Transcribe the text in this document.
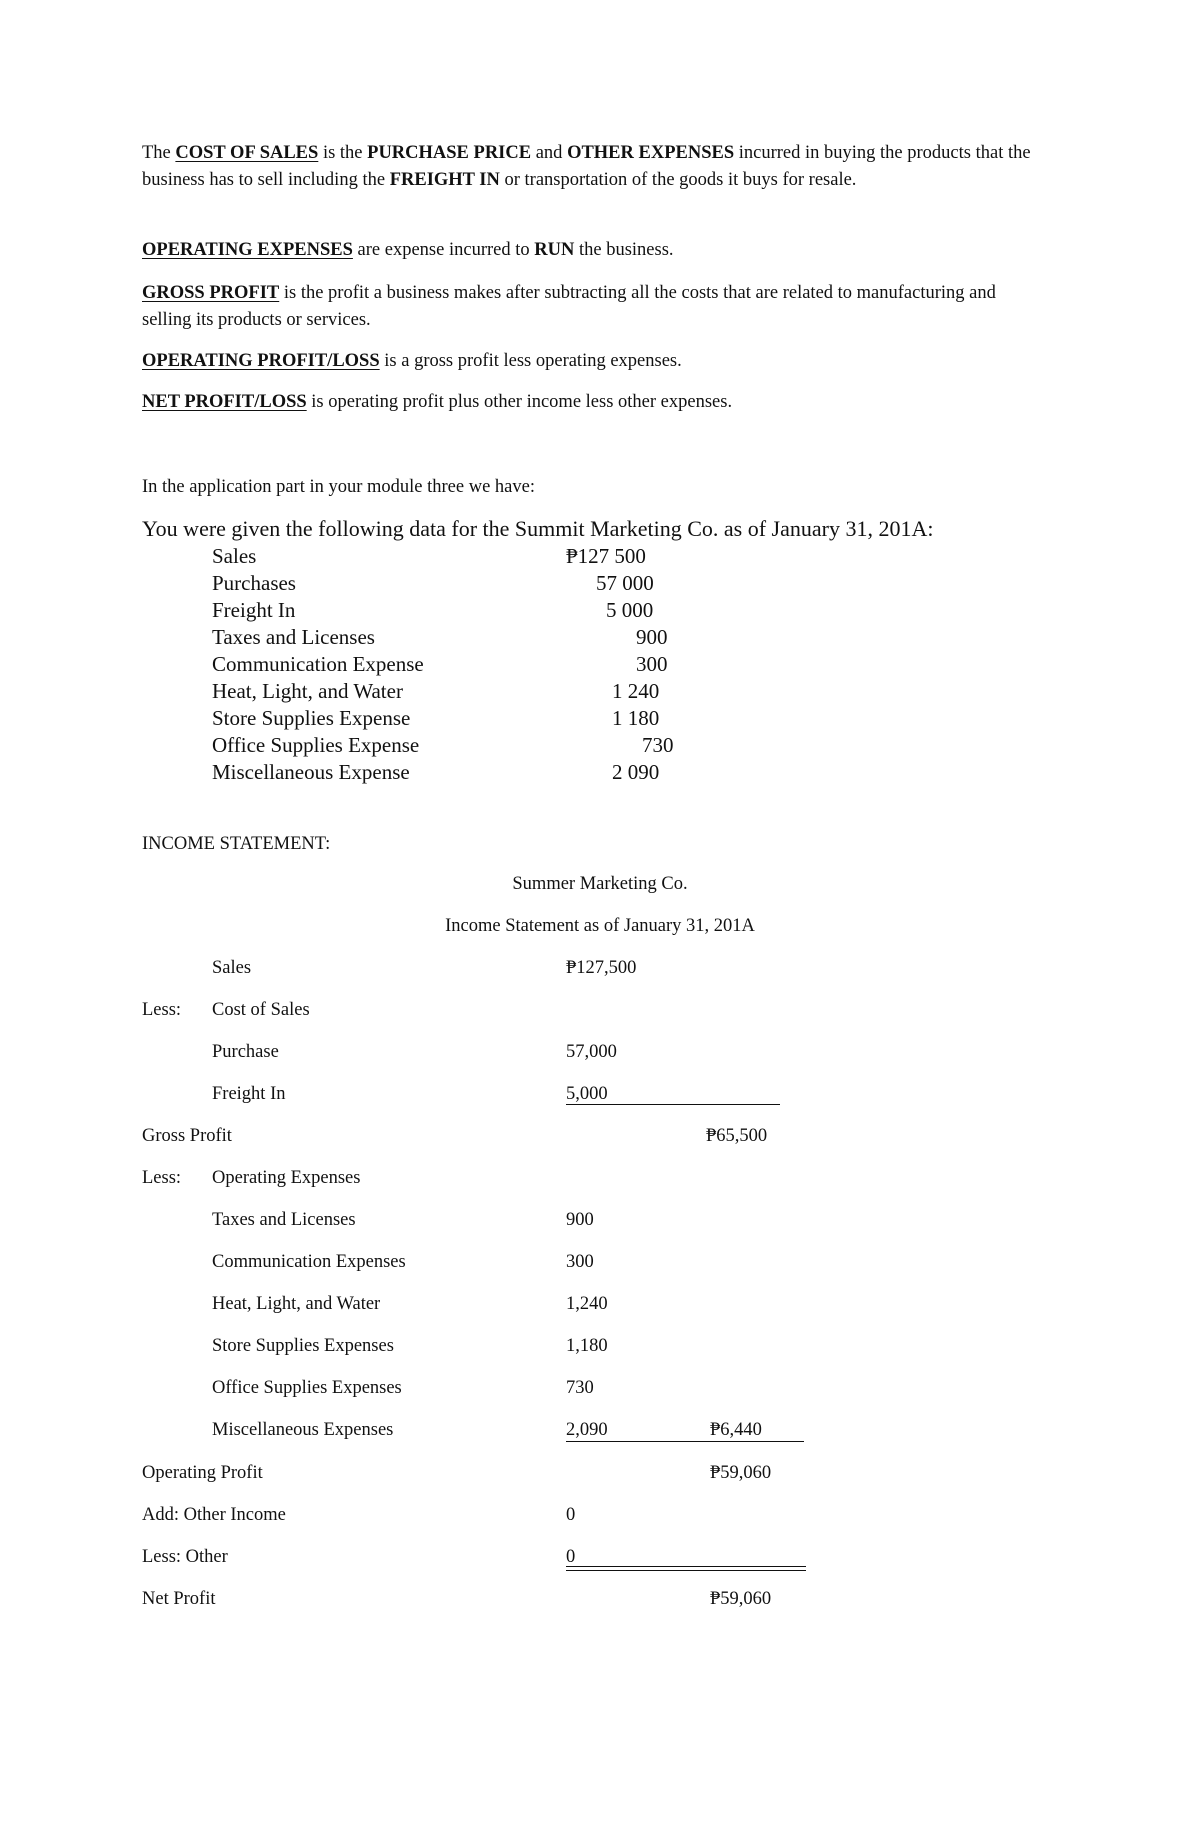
The COST OF SALES is the PURCHASE PRICE and OTHER EXPENSES incurred in buying the products that the business has to sell including the FREIGHT IN or transportation of the goods it buys for resale.

OPERATING EXPENSES are expense incurred to RUN the business.

GROSS PROFIT is the profit a business makes after subtracting all the costs that are related to manufacturing and selling its products or services.

OPERATING PROFIT/LOSS is a gross profit less operating expenses.

NET PROFIT/LOSS is operating profit plus other income less other expenses.

In the application part in your module three we have:

You were given the following data for the Summit Marketing Co. as of January 31, 201A:

Sales	₱127 500
Purchases	57 000
Freight In	5 000
Taxes and Licenses	900
Communication Expense	300
Heat, Light, and Water	1 240
Store Supplies Expense	1 180
Office Supplies Expense	730
Miscellaneous Expense	2 090

INCOME STATEMENT:

Summer Marketing Co.
Income Statement as of January 31, 201A
Sales	₱127,500
Less: Cost of Sales
Purchase	57,000
Freight In	5,000
Gross Profit	₱65,500
Less: Operating Expenses
Taxes and Licenses	900
Communication Expenses	300
Heat, Light, and Water	1,240
Store Supplies Expenses	1,180
Office Supplies Expenses	730
Miscellaneous Expenses	2,090	₱6,440
Operating Profit	₱59,060
Add: Other Income	0
Less: Other	0
Net Profit	₱59,060
